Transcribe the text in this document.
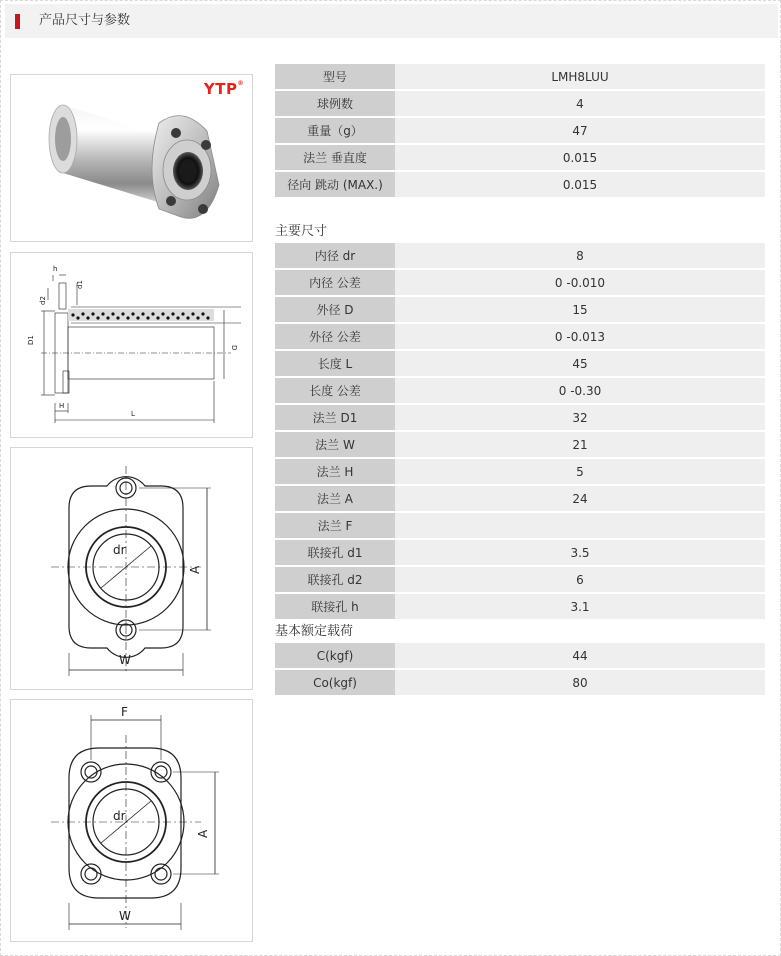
产品尺寸与参数
YTP®
h
d1
d2
D1
D
H
L
dr
A
W
F
dr
A
W
型号	LMH8LUU
球例数	4
重量（g）	47
法兰 垂直度	0.015
径向 跳动 (MAX.)	0.015
主要尺寸
内径 dr	8
内径 公差	0 -0.010
外径 D	15
外径 公差	0 -0.013
长度 L	45
长度 公差	0 -0.30
法兰 D1	32
法兰 W	21
法兰 H	5
法兰 A	24
法兰 F
联接孔 d1	3.5
联接孔 d2	6
联接孔 h	3.1
基本额定载荷
C(kgf)	44
Co(kgf)	80
